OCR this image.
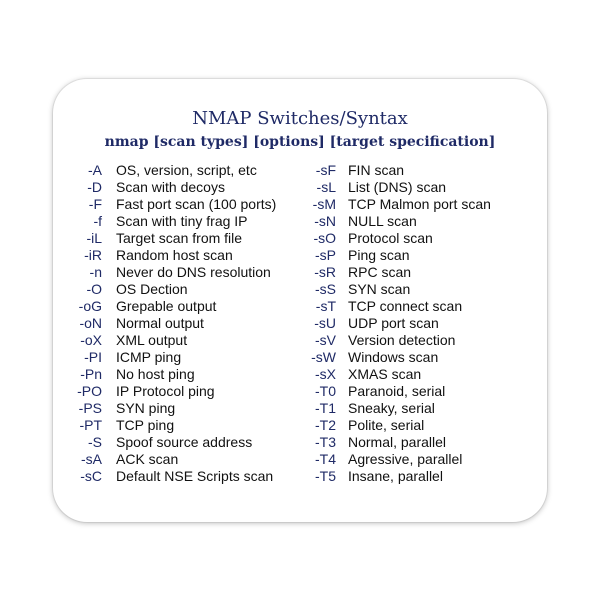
NMAP Switches/Syntax
nmap [scan types] [options] [target specification]
-A OS, version, script, etc
-D Scan with decoys
-F Fast port scan (100 ports)
-f Scan with tiny frag IP
-iL Target scan from file
-iR Random host scan
-n Never do DNS resolution
-O OS Dection
-oG Grepable output
-oN Normal output
-oX XML output
-PI ICMP ping
-Pn No host ping
-PO IP Protocol ping
-PS SYN ping
-PT TCP ping
-S Spoof source address
-sA ACK scan
-sC Default NSE Scripts scan
-sF FIN scan
-sL List (DNS) scan
-sM TCP Malmon port scan
-sN NULL scan
-sO Protocol scan
-sP Ping scan
-sR RPC scan
-sS SYN scan
-sT TCP connect scan
-sU UDP port scan
-sV Version detection
-sW Windows scan
-sX XMAS scan
-T0 Paranoid, serial
-T1 Sneaky, serial
-T2 Polite, serial
-T3 Normal, parallel
-T4 Agressive, parallel
-T5 Insane, parallel
